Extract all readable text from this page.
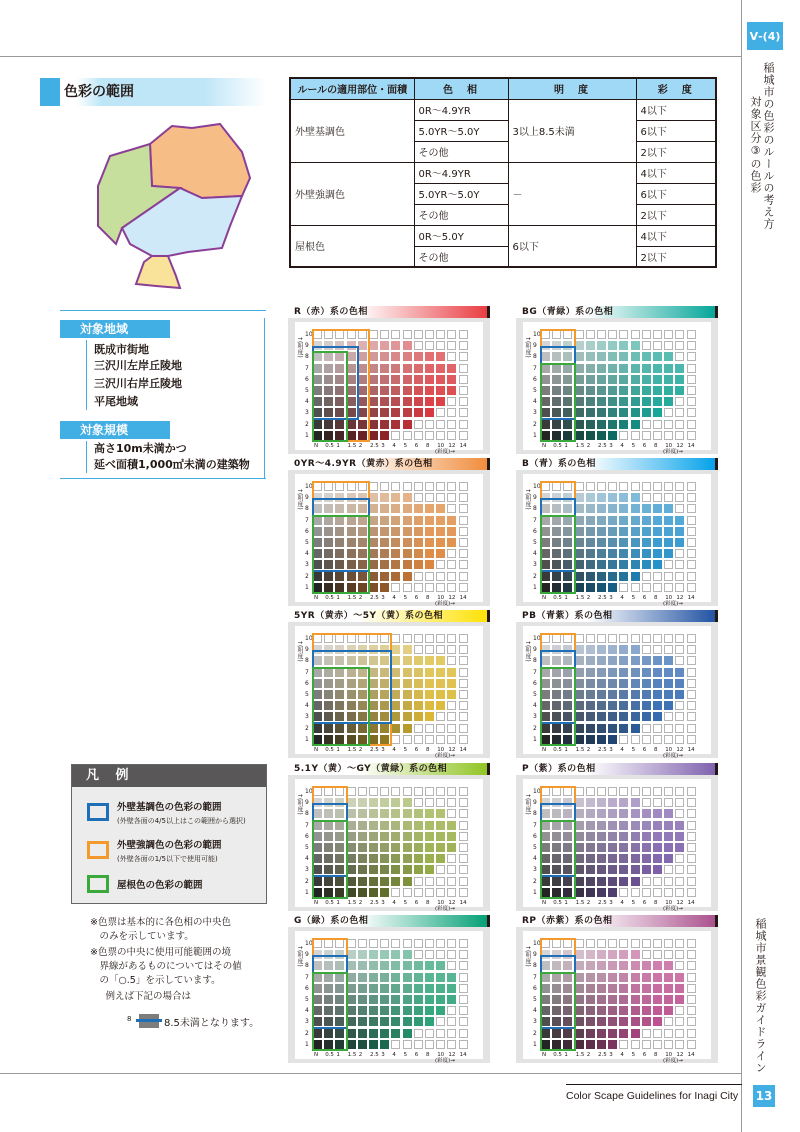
Ⅴ-(4)
稲城市の色彩のルールの考え方
対象区分③の色彩
稲城市景観色彩ガイドライン
Color Scape Guidelines for Inagi City 13
色彩の範囲	ルールの適用部位・面積	色　相	明　度	彩　度
外壁基調色	0R～4.9YR	3以上8.5未満	4以下
	5.0YR～5.0Y		6以下
	その他		2以下
外壁強調色	0R～4.9YR	－	4以下
	5.0YR～5.0Y		6以下
	その他		2以下
屋根色	0R～5.0Y	6以下	4以下
	その他		2以下
対象地域
既成市街地
三沢川左岸丘陵地
三沢川右岸丘陵地
平尾地域
対象規模
高さ10m未満かつ
延べ面積1,000㎡未満の建築物
凡 例
外壁基調色の色彩の範囲
(外壁各面の4/5以上はこの範囲から選択)
外壁強調色の色彩の範囲
(外壁各面の1/5以下で使用可能)
屋根色の色彩の範囲
※色票は基本的に各色相の中央色
　のみを示しています。
※色票の中央に使用可能範囲の境
　界線があるものについてはその値
　の「○.5」を示しています。
　例えば下記の場合は
8	8.5未満となります。
R（赤）系の色相
10
9
8
7
6
5
4
3
2
1
N 0.5 1 1.5 2 2.5 3 4 5 6 8 10 12 14
↑(明度)
(彩度)→
BG（青緑）系の色相
10
9
8
7
6
5
4
3
2
1
N 0.5 1 1.5 2 2.5 3 4 5 6 8 10 12 14
↑(明度)
(彩度)→
0YR～4.9YR（黄赤）系の色相
10
9
8
7
6
5
4
3
2
1
N 0.5 1 1.5 2 2.5 3 4 5 6 8 10 12 14
↑(明度)
(彩度)→
B（青）系の色相
10
9
8
7
6
5
4
3
2
1
N 0.5 1 1.5 2 2.5 3 4 5 6 8 10 12 14
↑(明度)
(彩度)→
5YR（黄赤）～5Y（黄）系の色相
10
9
8
7
6
5
4
3
2
1
N 0.5 1 1.5 2 2.5 3 4 5 6 8 10 12 14
↑(明度)
(彩度)→
PB（青紫）系の色相
10
9
8
7
6
5
4
3
2
1
N 0.5 1 1.5 2 2.5 3 4 5 6 8 10 12 14
↑(明度)
(彩度)→
5.1Y（黄）～GY（黄緑）系の色相
10
9
8
7
6
5
4
3
2
1
N 0.5 1 1.5 2 2.5 3 4 5 6 8 10 12 14
↑(明度)
(彩度)→
P（紫）系の色相
10
9
8
7
6
5
4
3
2
1
N 0.5 1 1.5 2 2.5 3 4 5 6 8 10 12 14
↑(明度)
(彩度)→
G（緑）系の色相
10
9
8
7
6
5
4
3
2
1
N 0.5 1 1.5 2 2.5 3 4 5 6 8 10 12 14
↑(明度)
(彩度)→
RP（赤紫）系の色相
10
9
8
7
6
5
4
3
2
1
N 0.5 1 1.5 2 2.5 3 4 5 6 8 10 12 14
↑(明度)
(彩度)→
